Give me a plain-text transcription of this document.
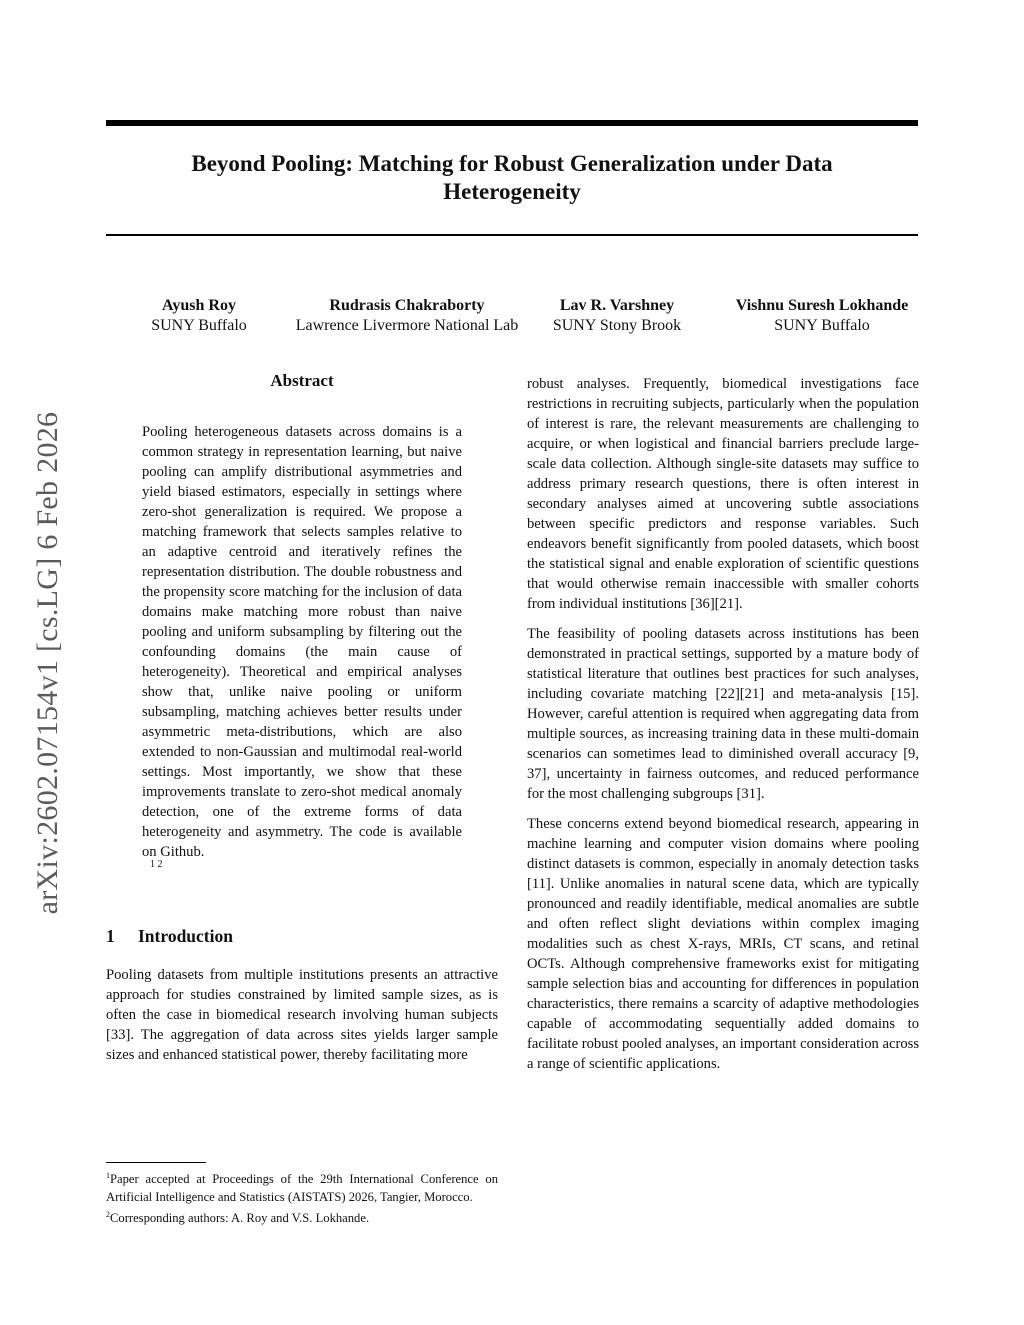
Beyond Pooling: Matching for Robust Generalization under Data
Heterogeneity
Ayush Roy
SUNY Buffalo
Rudrasis Chakraborty
Lawrence Livermore National Lab
Lav R. Varshney
SUNY Stony Brook
Vishnu Suresh Lokhande
SUNY Buffalo
arXiv:2602.07154v1 [cs.LG] 6 Feb 2026
Abstract

Pooling heterogeneous datasets across domains is a common strategy in representation learning, but naive pooling can amplify distributional asymmetries and yield biased estimators, especially in settings where zero-shot generalization is required. We propose a matching framework that selects samples relative to an adaptive centroid and iteratively refines the representation distribution. The double robustness and the propensity score matching for the inclusion of data domains make matching more robust than naive pooling and uniform subsampling by filtering out the confounding domains (the main cause of heterogeneity). Theoretical and empirical analyses show that, unlike naive pooling or uniform subsampling, matching achieves better results under asymmetric meta-distributions, which are also extended to non-Gaussian and multimodal real-world settings. Most importantly, we show that these improvements translate to zero-shot medical anomaly detection, one of the extreme forms of data heterogeneity and asymmetry. The code is available on Github.

1 2
1 Introduction

Pooling datasets from multiple institutions presents an attractive approach for studies constrained by limited sample sizes, as is often the case in biomedical research involving human subjects [33]. The aggregation of data across sites yields larger sample sizes and enhanced statistical power, thereby facilitating more

robust analyses. Frequently, biomedical investigations face restrictions in recruiting subjects, particularly when the population of interest is rare, the relevant measurements are challenging to acquire, or when logistical and financial barriers preclude large-scale data collection. Although single-site datasets may suffice to address primary research questions, there is often interest in secondary analyses aimed at uncovering subtle associations between specific predictors and response variables. Such endeavors benefit significantly from pooled datasets, which boost the statistical signal and enable exploration of scientific questions that would otherwise remain inaccessible with smaller cohorts from individual institutions [36][21].

The feasibility of pooling datasets across institutions has been demonstrated in practical settings, supported by a mature body of statistical literature that outlines best practices for such analyses, including covariate matching [22][21] and meta-analysis [15]. However, careful attention is required when aggregating data from multiple sources, as increasing training data in these multi-domain scenarios can sometimes lead to diminished overall accuracy [9, 37], uncertainty in fairness outcomes, and reduced performance for the most challenging subgroups [31].

These concerns extend beyond biomedical research, appearing in machine learning and computer vision domains where pooling distinct datasets is common, especially in anomaly detection tasks [11]. Unlike anomalies in natural scene data, which are typically pronounced and readily identifiable, medical anomalies are subtle and often reflect slight deviations within complex imaging modalities such as chest X-rays, MRIs, CT scans, and retinal OCTs. Although comprehensive frameworks exist for mitigating sample selection bias and accounting for differences in population characteristics, there remains a scarcity of adaptive methodologies capable of accommodating sequentially added domains to facilitate robust pooled analyses, an important consideration across a range of scientific applications.

$^1$Paper accepted at Proceedings of the 29th International Conference on Artificial Intelligence and Statistics (AISTATS) 2026, Tangier, Morocco.

$^2$Corresponding authors: A. Roy and V.S. Lokhande.
